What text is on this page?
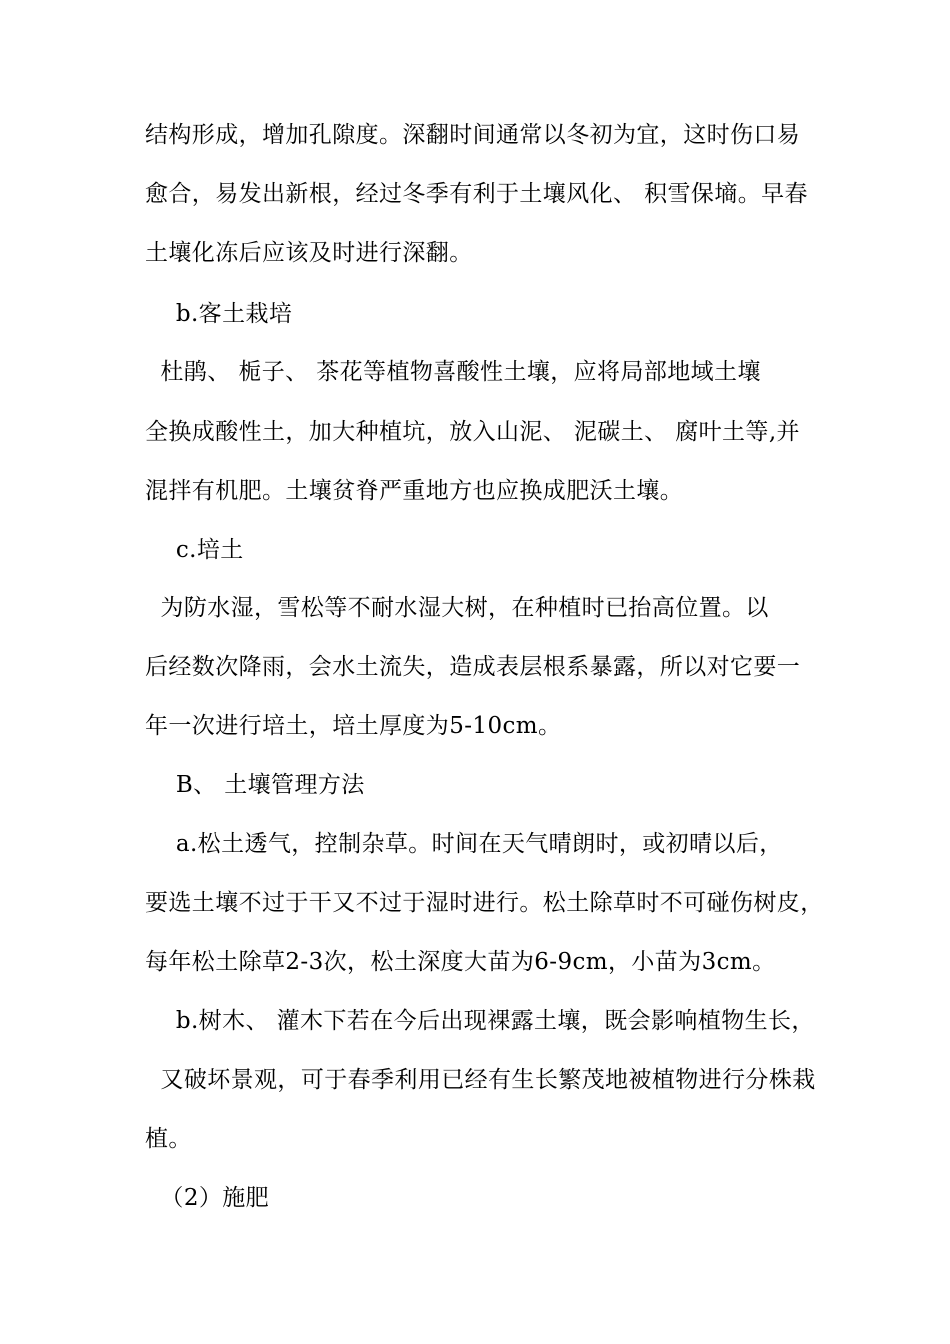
结构形成，增加孔隙度。深翻时间通常以冬初为宜，这时伤口易
愈合，易发出新根，经过冬季有利于土壤风化、 积雪保墒。早春
土壤化冻后应该及时进行深翻。
b.客土栽培
杜鹃、 栀子、 茶花等植物喜酸性土壤，应将局部地域土壤
全换成酸性土，加大种植坑，放入山泥、 泥碳土、 腐叶土等,并
混拌有机肥。土壤贫脊严重地方也应换成肥沃土壤。
c.培土
为防水湿，雪松等不耐水湿大树，在种植时已抬高位置。以
后经数次降雨，会水土流失，造成表层根系暴露，所以对它要一
年一次进行培土，培土厚度为5-10cm。
B、 土壤管理方法
a.松土透气，控制杂草。时间在天气晴朗时，或初晴以后，
要选土壤不过于干又不过于湿时进行。松土除草时不可碰伤树皮，
每年松土除草2-3次，松土深度大苗为6-9cm，小苗为3cm。
b.树木、 灌木下若在今后出现裸露土壤，既会影响植物生长，
又破坏景观，可于春季利用已经有生长繁茂地被植物进行分株栽
植。
（2）施肥
